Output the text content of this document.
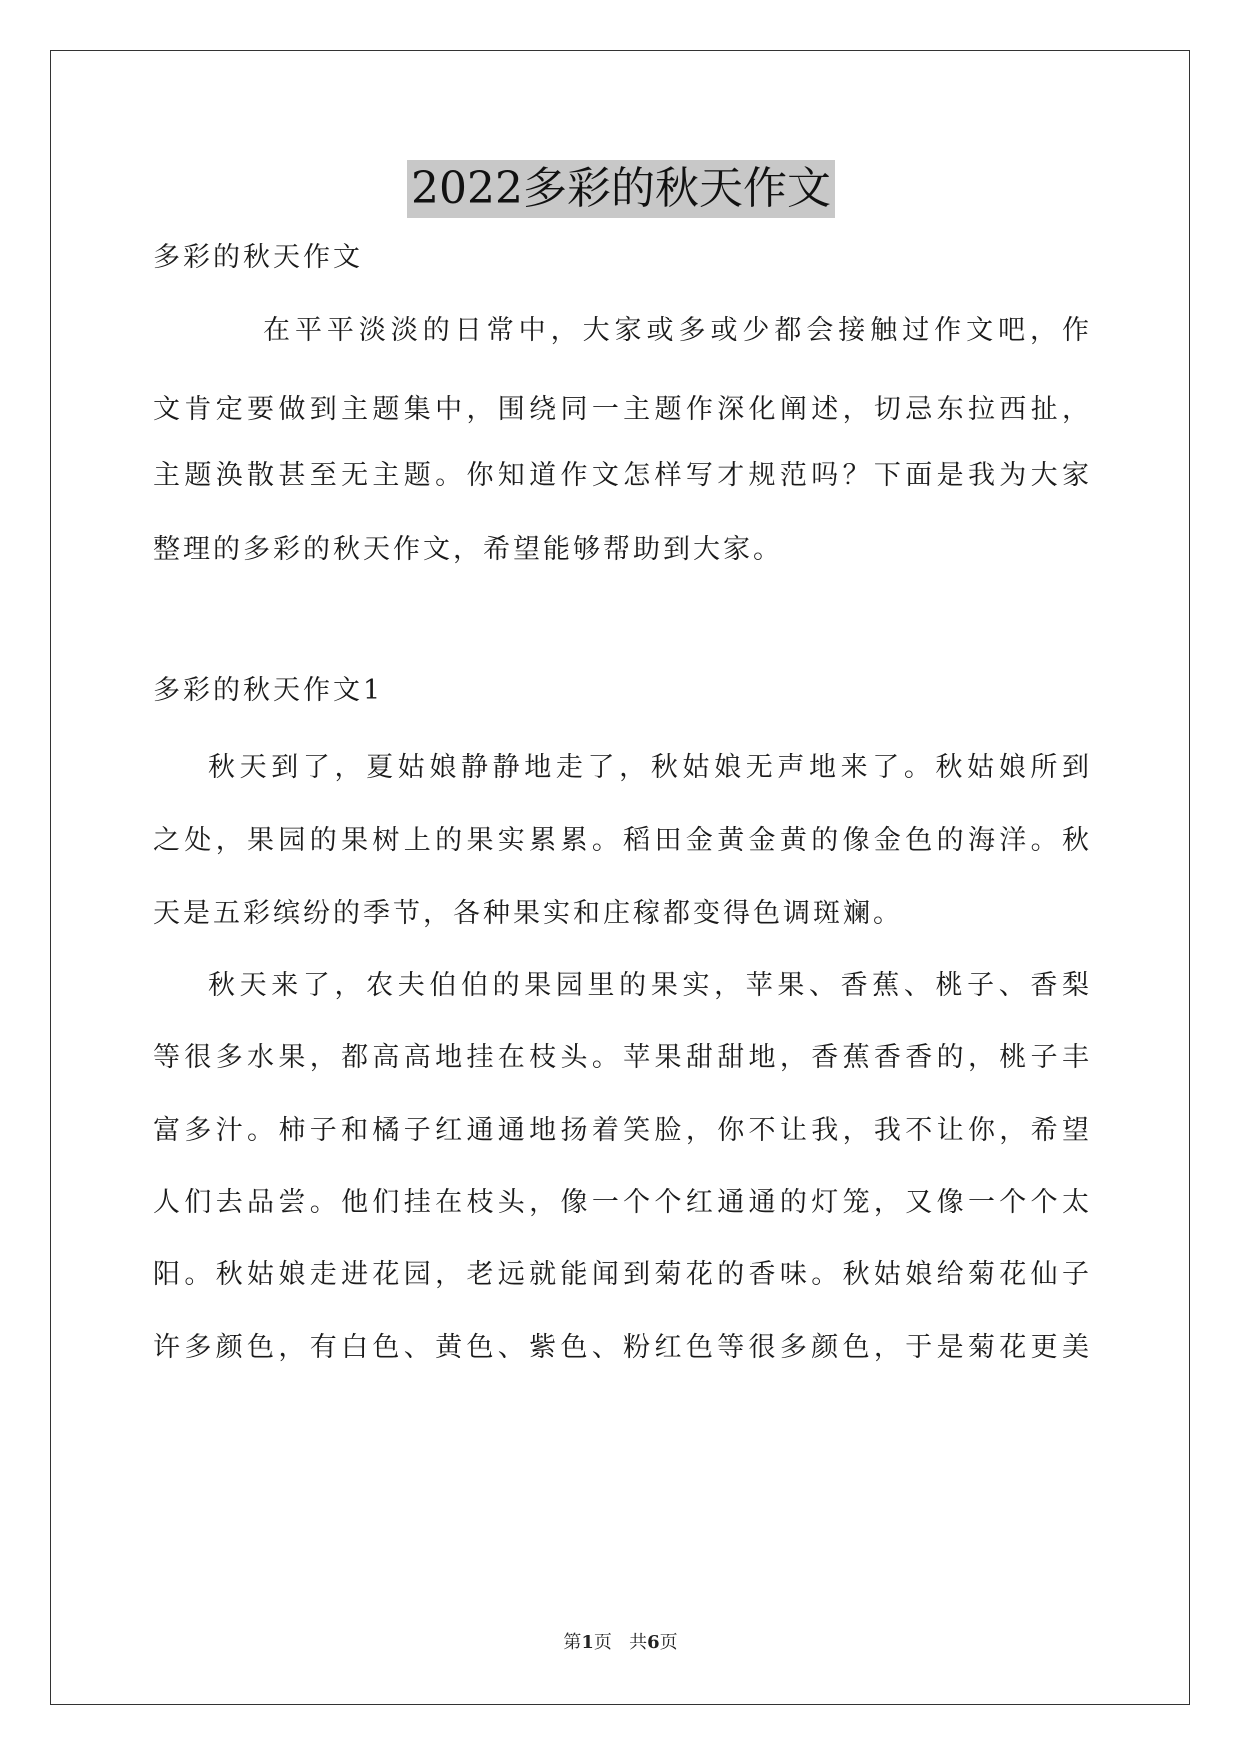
2022多彩的秋天作文
多彩的秋天作文
在平平淡淡的日常中，大家或多或少都会接触过作文吧，作
文肯定要做到主题集中，围绕同一主题作深化阐述，切忌东拉西扯，
主题涣散甚至无主题。你知道作文怎样写才规范吗？下面是我为大家
整理的多彩的秋天作文，希望能够帮助到大家。
多彩的秋天作文1
秋天到了，夏姑娘静静地走了，秋姑娘无声地来了。秋姑娘所到
之处，果园的果树上的果实累累。稻田金黄金黄的像金色的海洋。秋
天是五彩缤纷的季节，各种果实和庄稼都变得色调斑斓。
秋天来了，农夫伯伯的果园里的果实，苹果、香蕉、桃子、香梨
等很多水果，都高高地挂在枝头。苹果甜甜地，香蕉香香的，桃子丰
富多汁。柿子和橘子红通通地扬着笑脸，你不让我，我不让你，希望
人们去品尝。他们挂在枝头，像一个个红通通的灯笼，又像一个个太
阳。秋姑娘走进花园，老远就能闻到菊花的香味。秋姑娘给菊花仙子
许多颜色，有白色、黄色、紫色、粉红色等很多颜色，于是菊花更美
第1页 共6页
